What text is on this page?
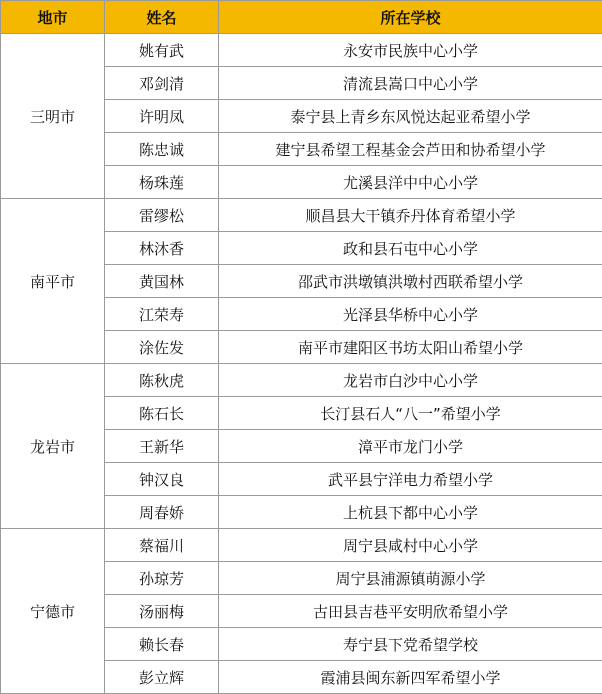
地市	姓名	所在学校
三明市	姚有武	永安市民族中心小学
	邓剑清	清流县嵩口中心小学
	许明凤	泰宁县上青乡东风悦达起亚希望小学
	陈忠诚	建宁县希望工程基金会芦田和协希望小学
	杨珠莲	尤溪县洋中中心小学
南平市	雷缪松	顺昌县大干镇乔丹体育希望小学
	林沐香	政和县石屯中心小学
	黄国林	邵武市洪墩镇洪墩村西联希望小学
	江荣寿	光泽县华桥中心小学
	涂佐发	南平市建阳区书坊太阳山希望小学
龙岩市	陈秋虎	龙岩市白沙中心小学
	陈石长	长汀县石人“八一”希望小学
	王新华	漳平市龙门小学
	钟汉良	武平县宁洋电力希望小学
	周春娇	上杭县下都中心小学
宁德市	蔡福川	周宁县咸村中心小学
	孙琼芳	周宁县浦源镇萌源小学
	汤丽梅	古田县吉巷平安明欣希望小学
	赖长春	寿宁县下党希望学校
	彭立辉	霞浦县闽东新四军希望小学
